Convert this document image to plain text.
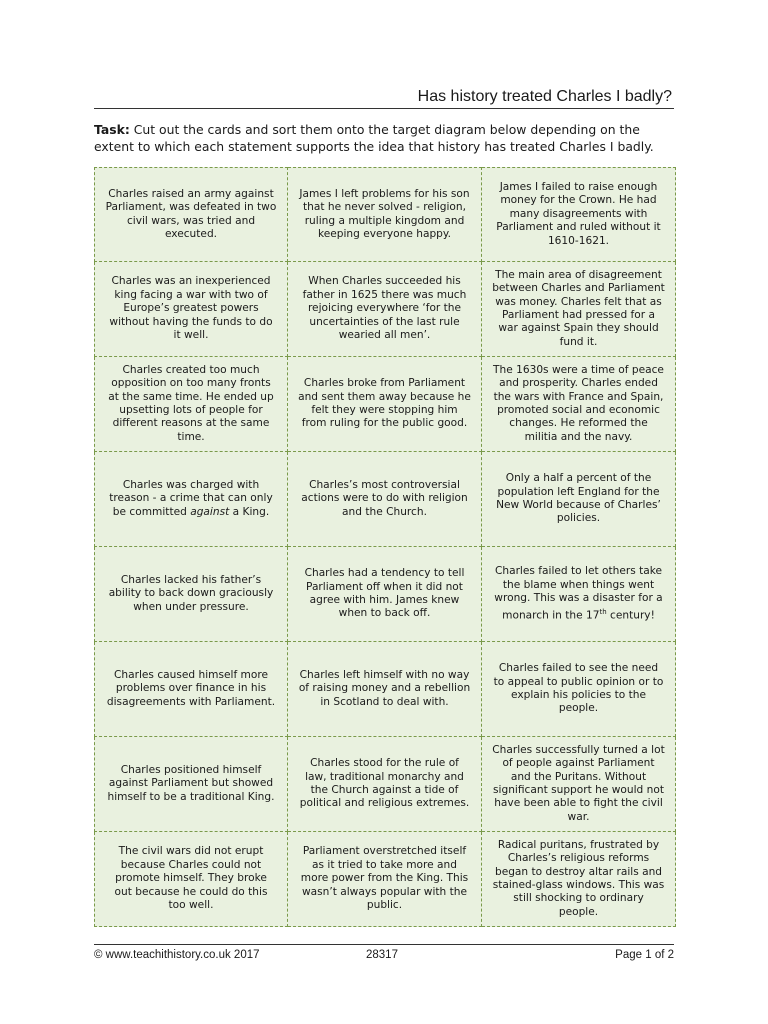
Has history treated Charles I badly?
Task: Cut out the cards and sort them onto the target diagram below depending on the extent to which each statement supports the idea that history has treated Charles I badly.
Charles raised an army against Parliament, was defeated in two civil wars, was tried and executed.
James I left problems for his son that he never solved - religion, ruling a multiple kingdom and keeping everyone happy.
James I failed to raise enough money for the Crown. He had many disagreements with Parliament and ruled without it 1610-1621.
Charles was an inexperienced king facing a war with two of Europe’s greatest powers without having the funds to do it well.
When Charles succeeded his father in 1625 there was much rejoicing everywhere ‘for the uncertainties of the last rule wearied all men’.
The main area of disagreement between Charles and Parliament was money. Charles felt that as Parliament had pressed for a war against Spain they should fund it.
Charles created too much opposition on too many fronts at the same time. He ended up upsetting lots of people for different reasons at the same time.
Charles broke from Parliament and sent them away because he felt they were stopping him from ruling for the public good.
The 1630s were a time of peace and prosperity. Charles ended the wars with France and Spain, promoted social and economic changes. He reformed the militia and the navy.
Charles was charged with treason - a crime that can only be committed against a King.
Charles’s most controversial actions were to do with religion and the Church.
Only a half a percent of the population left England for the New World because of Charles’ policies.
Charles lacked his father’s ability to back down graciously when under pressure.
Charles had a tendency to tell Parliament off when it did not agree with him. James knew when to back off.
Charles failed to let others take the blame when things went wrong. This was a disaster for a monarch in the 17th century!
Charles caused himself more problems over finance in his disagreements with Parliament.
Charles left himself with no way of raising money and a rebellion in Scotland to deal with.
Charles failed to see the need to appeal to public opinion or to explain his policies to the people.
Charles positioned himself against Parliament but showed himself to be a traditional King.
Charles stood for the rule of law, traditional monarchy and the Church against a tide of political and religious extremes.
Charles successfully turned a lot of people against Parliament and the Puritans. Without significant support he would not have been able to fight the civil war.
The civil wars did not erupt because Charles could not promote himself. They broke out because he could do this too well.
Parliament overstretched itself as it tried to take more and more power from the King. This wasn’t always popular with the public.
Radical puritans, frustrated by Charles’s religious reforms began to destroy altar rails and stained-glass windows. This was still shocking to ordinary people.
© www.teachithistory.co.uk 2017	28317	Page 1 of 2
